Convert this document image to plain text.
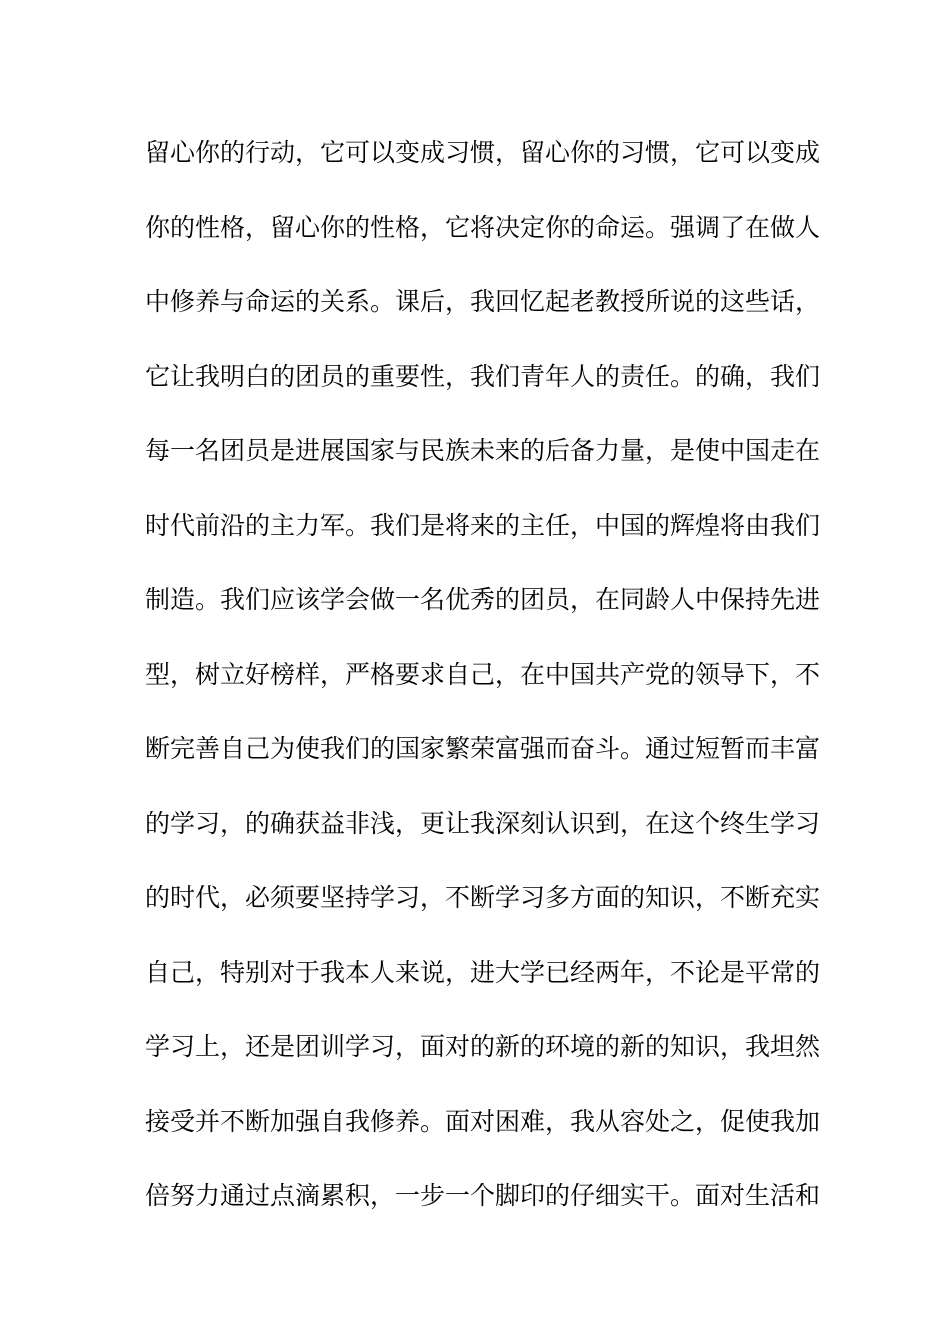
留心你的行动，它可以变成习惯，留心你的习惯，它可以变成
你的性格，留心你的性格，它将决定你的命运。强调了在做人
中修养与命运的关系。课后，我回忆起老教授所说的这些话，
它让我明白的团员的重要性，我们青年人的责任。的确，我们
每一名团员是进展国家与民族未来的后备力量，是使中国走在
时代前沿的主力军。我们是将来的主任，中国的辉煌将由我们
制造。我们应该学会做一名优秀的团员，在同龄人中保持先进
型，树立好榜样，严格要求自己，在中国共产党的领导下，不
断完善自己为使我们的国家繁荣富强而奋斗。通过短暂而丰富
的学习，的确获益非浅，更让我深刻认识到，在这个终生学习
的时代，必须要坚持学习，不断学习多方面的知识，不断充实
自己，特别对于我本人来说，进大学已经两年，不论是平常的
学习上，还是团训学习，面对的新的环境的新的知识，我坦然
接受并不断加强自我修养。面对困难，我从容处之，促使我加
倍努力通过点滴累积，一步一个脚印的仔细实干。面对生活和
